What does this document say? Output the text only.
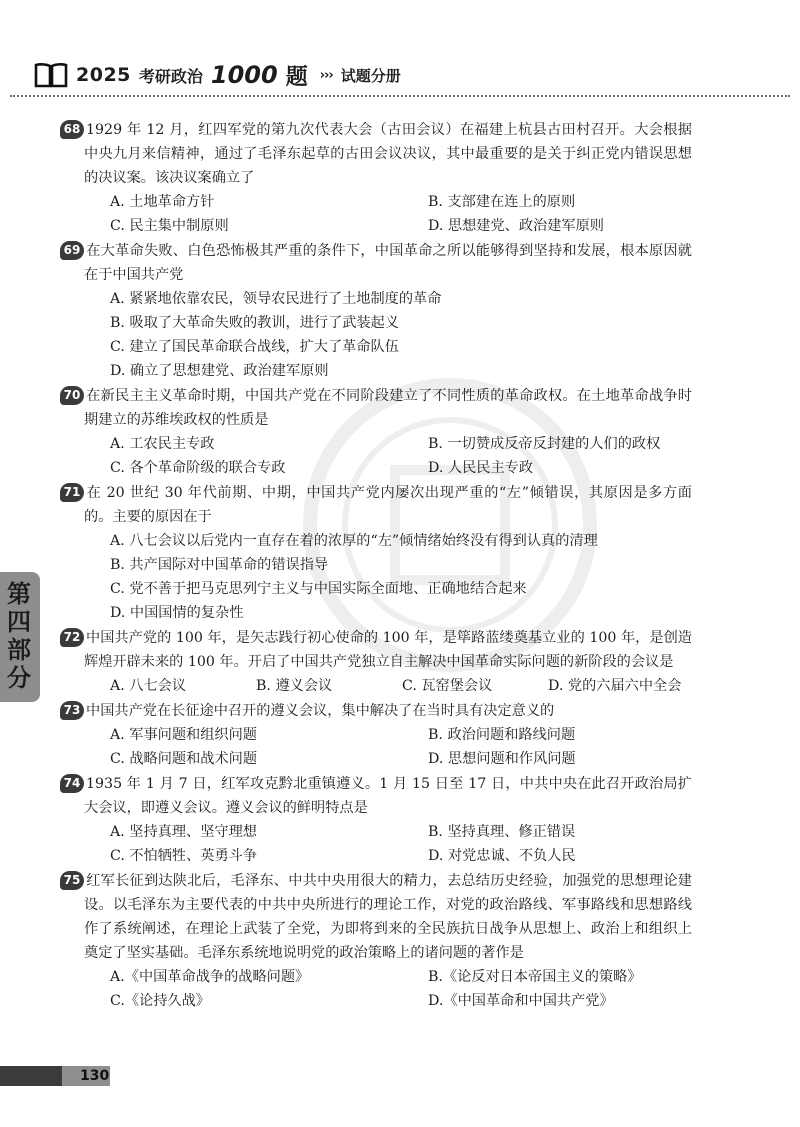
2025 考研政治 1000 题 ››› 试题分册
第
四
部
分

68 1929 年 12 月，红四军党的第九次代表大会（古田会议）在福建上杭县古田村召开。大会根据中央九月来信精神，通过了毛泽东起草的古田会议决议，其中最重要的是关于纠正党内错误思想的决议案。该决议案确立了

A. 土地革命方针	B. 支部建在连上的原则
C. 民主集中制原则	D. 思想建党、政治建军原则

69 在大革命失败、白色恐怖极其严重的条件下，中国革命之所以能够得到坚持和发展，根本原因就在于中国共产党

A. 紧紧地依靠农民，领导农民进行了土地制度的革命
B. 吸取了大革命失败的教训，进行了武装起义
C. 建立了国民革命联合战线，扩大了革命队伍
D. 确立了思想建党、政治建军原则

70 在新民主主义革命时期，中国共产党在不同阶段建立了不同性质的革命政权。在土地革命战争时期建立的苏维埃政权的性质是

A. 工农民主专政	B. 一切赞成反帝反封建的人们的政权
C. 各个革命阶级的联合专政	D. 人民民主专政

71 在 20 世纪 30 年代前期、中期，中国共产党内屡次出现严重的“左”倾错误，其原因是多方面的。主要的原因在于

A. 八七会议以后党内一直存在着的浓厚的“左”倾情绪始终没有得到认真的清理
B. 共产国际对中国革命的错误指导
C. 党不善于把马克思列宁主义与中国实际全面地、正确地结合起来
D. 中国国情的复杂性

72 中国共产党的 100 年，是矢志践行初心使命的 100 年，是筚路蓝缕奠基立业的 100 年，是创造辉煌开辟未来的 100 年。开启了中国共产党独立自主解决中国革命实际问题的新阶段的会议是

A. 八七会议	B. 遵义会议	C. 瓦窑堡会议	D. 党的六届六中全会

73 中国共产党在长征途中召开的遵义会议，集中解决了在当时具有决定意义的

A. 军事问题和组织问题	B. 政治问题和路线问题
C. 战略问题和战术问题	D. 思想问题和作风问题

74 1935 年 1 月 7 日，红军攻克黔北重镇遵义。1 月 15 日至 17 日，中共中央在此召开政治局扩大会议，即遵义会议。遵义会议的鲜明特点是

A. 坚持真理、坚守理想	B. 坚持真理、修正错误
C. 不怕牺牲、英勇斗争	D. 对党忠诚、不负人民

75 红军长征到达陕北后，毛泽东、中共中央用很大的精力，去总结历史经验，加强党的思想理论建设。以毛泽东为主要代表的中共中央所进行的理论工作，对党的政治路线、军事路线和思想路线作了系统阐述，在理论上武装了全党，为即将到来的全民族抗日战争从思想上、政治上和组织上奠定了坚实基础。毛泽东系统地说明党的政治策略上的诸问题的著作是

A.《中国革命战争的战略问题》	B.《论反对日本帝国主义的策略》
C.《论持久战》	D.《中国革命和中国共产党》
130
